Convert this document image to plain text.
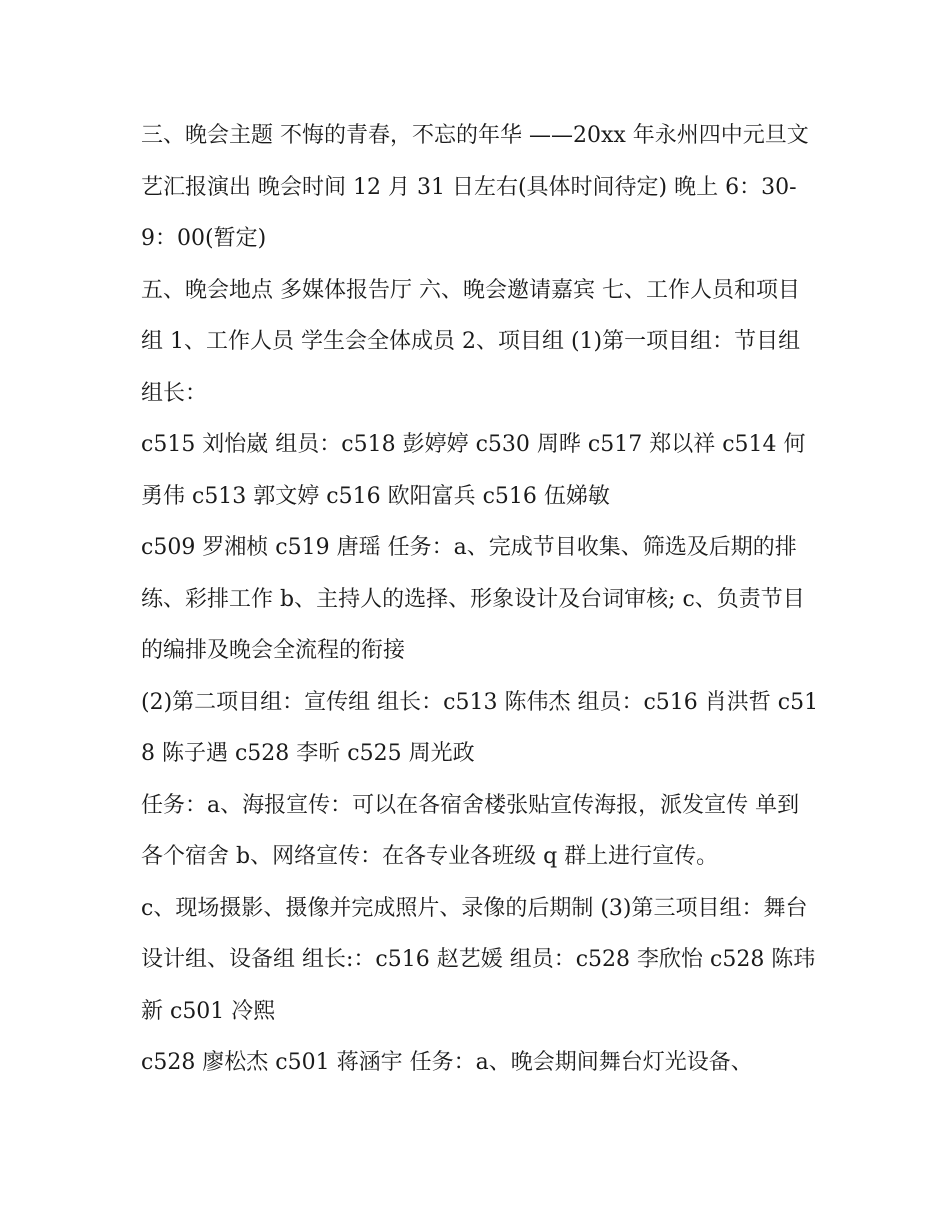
三、晚会主题 不悔的青春，不忘的年华 ——20xx 年永州四中元旦文艺汇报演出 晚会时间 12 月 31 日左右(具体时间待定) 晚上 6：30-9：00(暂定)

五、晚会地点 多媒体报告厅 六、晚会邀请嘉宾 七、工作人员和项目组 1、工作人员 学生会全体成员 2、项目组 (1)第一项目组：节目组 组长：

c515 刘怡崴 组员：c518 彭婷婷 c530 周晔 c517 郑以祥 c514 何勇伟 c513 郭文婷 c516 欧阳富兵 c516 伍娣敏

c509 罗湘桢 c519 唐瑶 任务：a、完成节目收集、筛选及后期的排练、彩排工作 b、主持人的选择、形象设计及台词审核; c、负责节目的编排及晚会全流程的衔接

(2)第二项目组：宣传组 组长：c513 陈伟杰 组员：c516 肖洪哲 c518 陈子遇 c528 李昕 c525 周光政

任务：a、海报宣传：可以在各宿舍楼张贴宣传海报，派发宣传 单到各个宿舍 b、网络宣传：在各专业各班级 q 群上进行宣传。

c、现场摄影、摄像并完成照片、录像的后期制 (3)第三项目组：舞台设计组、设备组 组长:：c516 赵艺媛 组员：c528 李欣怡 c528 陈玮新 c501 冷熙

c528 廖松杰 c501 蒋涵宇 任务：a、晚会期间舞台灯光设备、
